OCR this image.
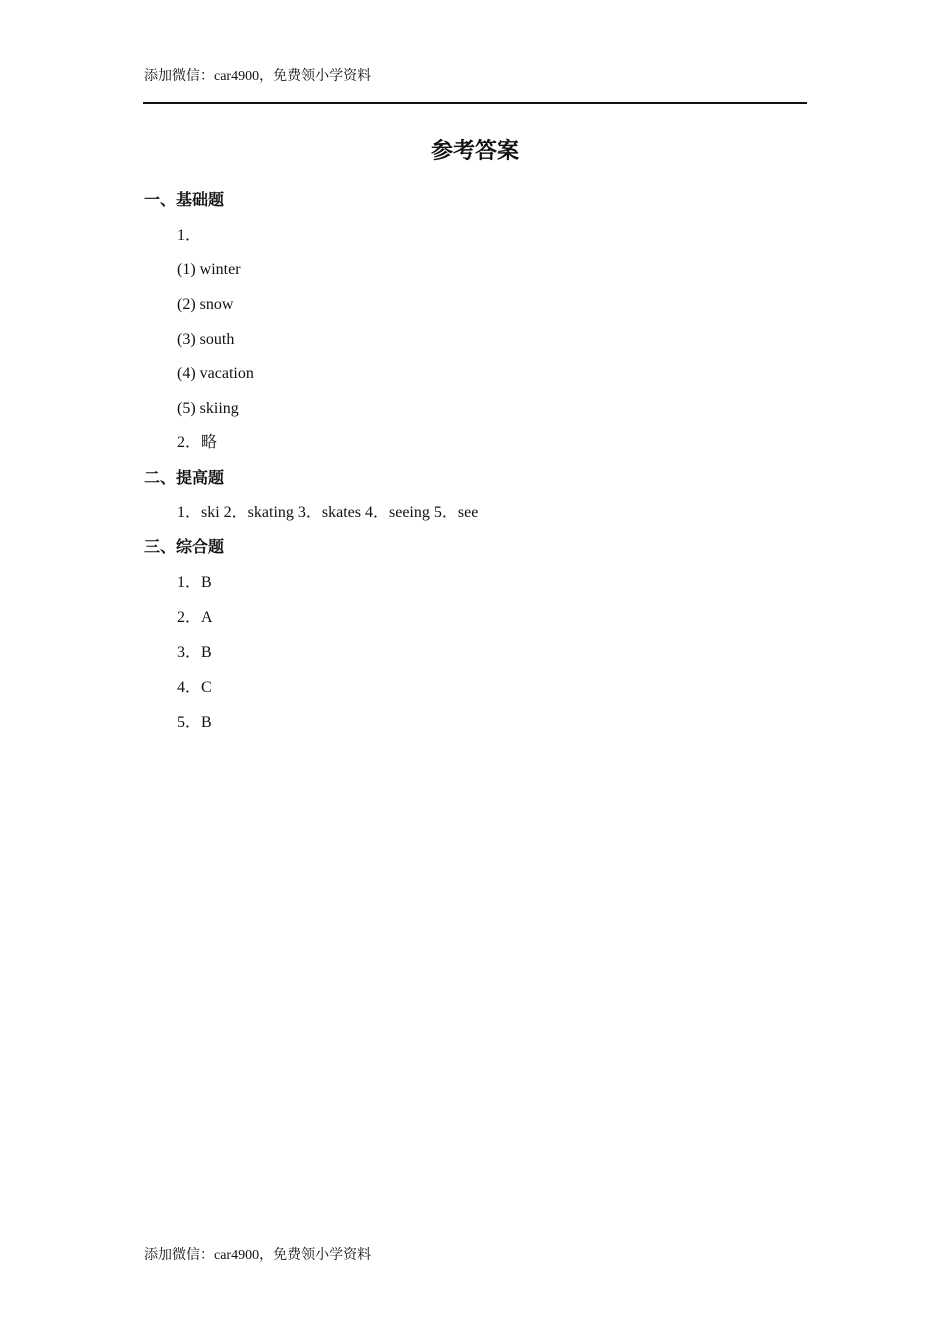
添加微信：car4900，免费领小学资料
参考答案
一、基础题
1．
(1) winter
(2) snow
(3) south
(4) vacation
(5) skiing
2．略
二、提高题
1．ski 2．skating 3．skates 4．seeing 5．see
三、综合题
1．B
2．A
3．B
4．C
5．B
添加微信：car4900，免费领小学资料
